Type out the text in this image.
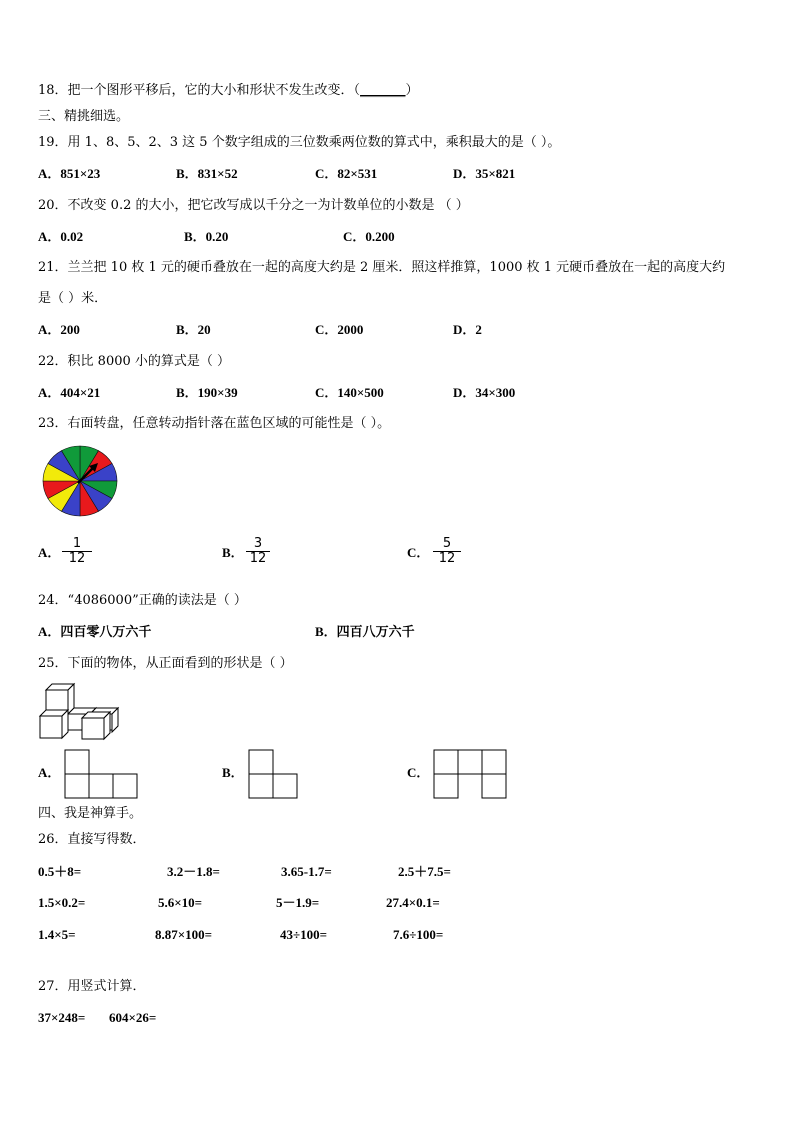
18．把一个图形平移后，它的大小和形状不发生改变．（_______）
三、精挑细选。
19．用 1、8、5、2、3 这 5 个数字组成的三位数乘两位数的算式中，乘积最大的是（ ）。
A．851×23	B．831×52	C．82×531	D．35×821
20．不改变 0.2 的大小，把它改写成以千分之一为计数单位的小数是 （ ）
A．0.02	B．0.20	C．0.200
21．兰兰把 10 枚 1 元的硬币叠放在一起的高度大约是 2 厘米．照这样推算，1000 枚 1 元硬币叠放在一起的高度大约
是（ ）米．
A．200	B．20	C．2000	D．2
22．积比 8000 小的算式是（ ）
A．404×21	B．190×39	C．140×500	D．34×300
23．右面转盘，任意转动指针落在蓝色区域的可能性是（ ）。
A．
1
12	B．
3
12	C．
5
12
24．“4086000”正确的读法是（ ）
A．四百零八万六千	B．四百八万六千
25．下面的物体，从正面看到的形状是（ ）
A．	B．	C．
四、我是神算手。
26．直接写得数．
0.5＋8=	3.2－1.8=	3.65-1.7=	2.5＋7.5=
1.5×0.2=	5.6×10=	5－1.9=	27.4×0.1=
1.4×5=	8.87×100=	43÷100=	7.6÷100=
27．用竖式计算．
37×248= 604×26=
